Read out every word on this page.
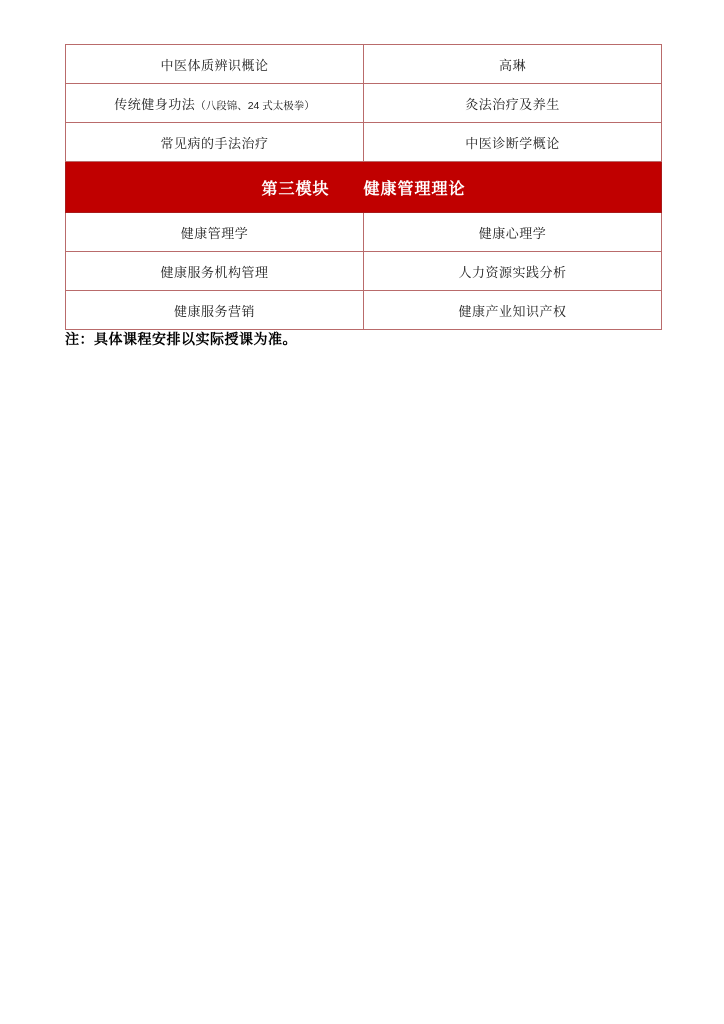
中医体质辨识概论	高琳
传统健身功法（八段锦、24 式太极拳）	灸法治疗及养生
常见病的手法治疗	中医诊断学概论
第三模块　　健康管理理论	
健康管理学	健康心理学
健康服务机构管理	人力资源实践分析
健康服务营销	健康产业知识产权
注：具体课程安排以实际授课为准。
